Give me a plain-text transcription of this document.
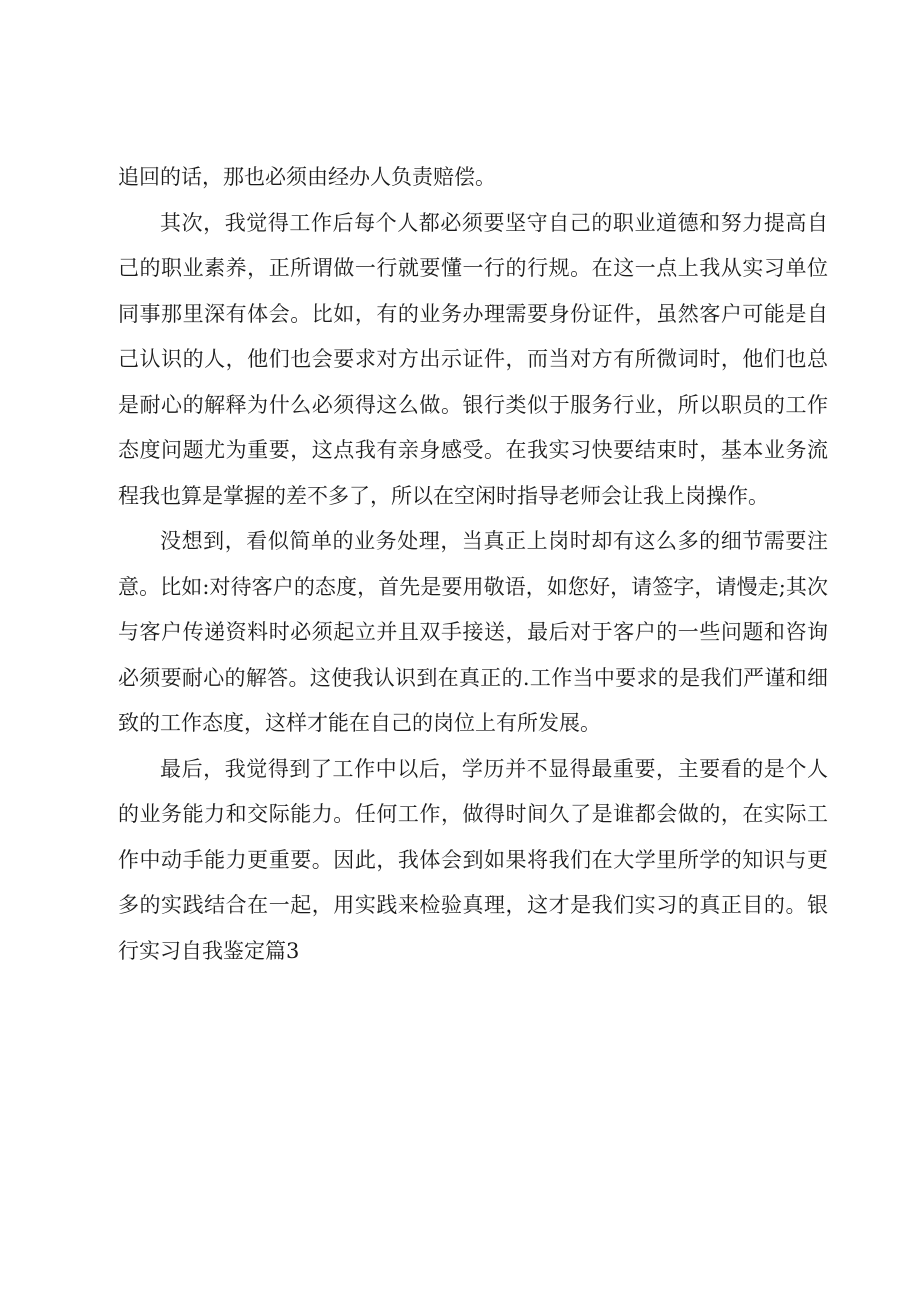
追回的话，那也必须由经办人负责赔偿。

其次，我觉得工作后每个人都必须要坚守自己的职业道德和努力提高自己的职业素养，正所谓做一行就要懂一行的行规。在这一点上我从实习单位同事那里深有体会。比如，有的业务办理需要身份证件，虽然客户可能是自己认识的人，他们也会要求对方出示证件，而当对方有所微词时，他们也总是耐心的解释为什么必须得这么做。银行类似于服务行业，所以职员的工作态度问题尤为重要，这点我有亲身感受。在我实习快要结束时，基本业务流程我也算是掌握的差不多了，所以在空闲时指导老师会让我上岗操作。

没想到，看似简单的业务处理，当真正上岗时却有这么多的细节需要注意。比如:对待客户的态度，首先是要用敬语，如您好，请签字，请慢走;其次与客户传递资料时必须起立并且双手接送，最后对于客户的一些问题和咨询必须要耐心的解答。这使我认识到在真正的.工作当中要求的是我们严谨和细致的工作态度，这样才能在自己的岗位上有所发展。

最后，我觉得到了工作中以后，学历并不显得最重要，主要看的是个人的业务能力和交际能力。任何工作，做得时间久了是谁都会做的，在实际工作中动手能力更重要。因此，我体会到如果将我们在大学里所学的知识与更多的实践结合在一起，用实践来检验真理，这才是我们实习的真正目的。银行实习自我鉴定篇3
